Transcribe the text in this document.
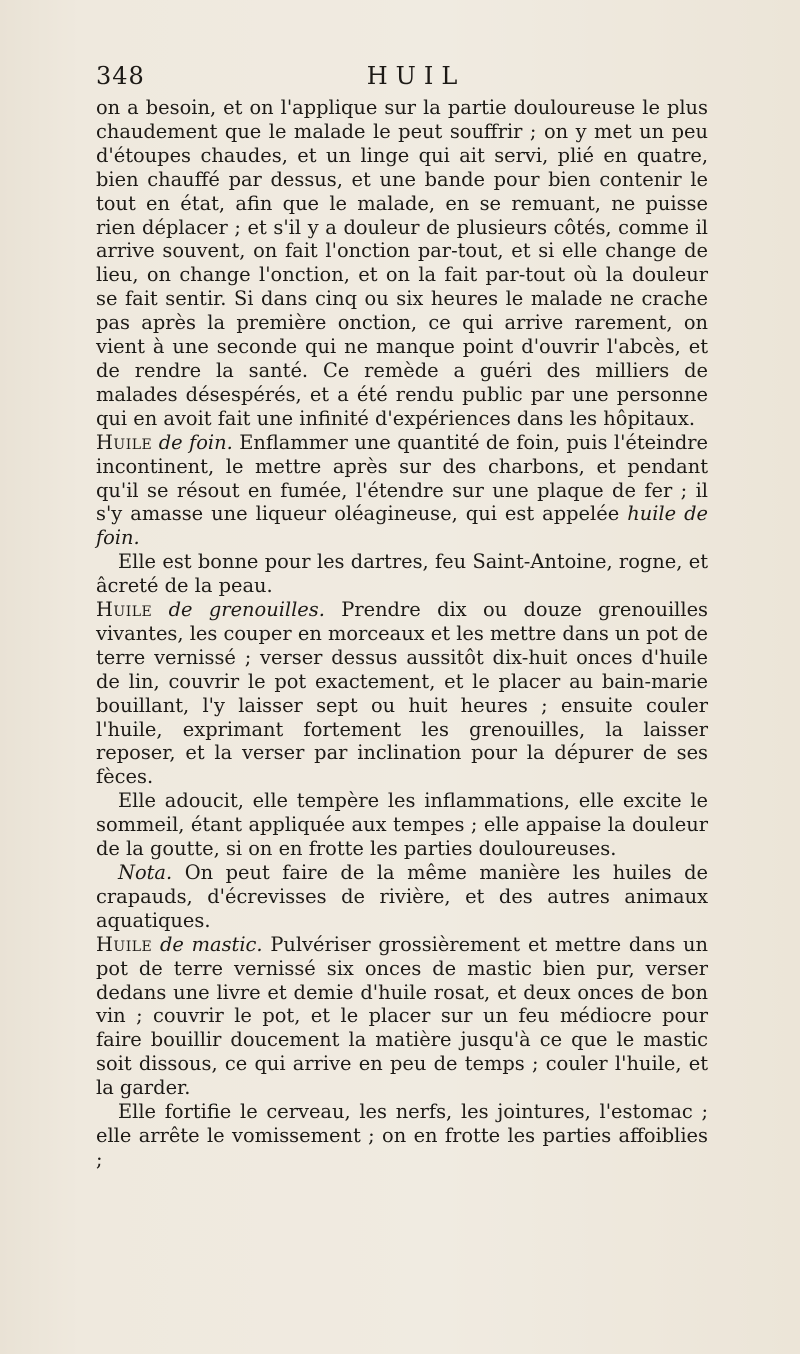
348	HUIL

on a besoin, et on l'applique sur la partie douloureuse le plus chaudement que le malade le peut souffrir ; on y met un peu d'étoupes chaudes, et un linge qui ait servi, plié en quatre, bien chauffé par dessus, et une bande pour bien contenir le tout en état, afin que le malade, en se remuant, ne puisse rien déplacer ; et s'il y a douleur de plusieurs côtés, comme il arrive souvent, on fait l'onction par-tout, et si elle change de lieu, on change l'onction, et on la fait par-tout où la douleur se fait sentir. Si dans cinq ou six heures le malade ne crache pas après la première onction, ce qui arrive rarement, on vient à une seconde qui ne manque point d'ouvrir l'abcès, et de rendre la santé. Ce remède a guéri des milliers de malades désespérés, et a été rendu public par une personne qui en avoit fait une infinité d'expériences dans les hôpitaux.

Huile de foin. Enflammer une quantité de foin, puis l'éteindre incontinent, le mettre après sur des charbons, et pendant qu'il se résout en fumée, l'étendre sur une plaque de fer ; il s'y amasse une liqueur oléagineuse, qui est appelée huile de foin.

Elle est bonne pour les dartres, feu Saint-Antoine, rogne, et âcreté de la peau.

Huile de grenouilles. Prendre dix ou douze grenouilles vivantes, les couper en morceaux et les mettre dans un pot de terre vernissé ; verser dessus aussitôt dix-huit onces d'huile de lin, couvrir le pot exactement, et le placer au bain-marie bouillant, l'y laisser sept ou huit heures ; ensuite couler l'huile, exprimant fortement les grenouilles, la laisser reposer, et la verser par inclination pour la dépurer de ses fèces.

Elle adoucit, elle tempère les inflammations, elle excite le sommeil, étant appliquée aux tempes ; elle appaise la douleur de la goutte, si on en frotte les parties douloureuses.

Nota. On peut faire de la même manière les huiles de crapauds, d'écrevisses de rivière, et des autres animaux aquatiques.

Huile de mastic. Pulvériser grossièrement et mettre dans un pot de terre vernissé six onces de mastic bien pur, verser dedans une livre et demie d'huile rosat, et deux onces de bon vin ; couvrir le pot, et le placer sur un feu médiocre pour faire bouillir doucement la matière jusqu'à ce que le mastic soit dissous, ce qui arrive en peu de temps ; couler l'huile, et la garder.

Elle fortifie le cerveau, les nerfs, les jointures, l'estomac ; elle arrête le vomissement ; on en frotte les parties affoiblies ;
